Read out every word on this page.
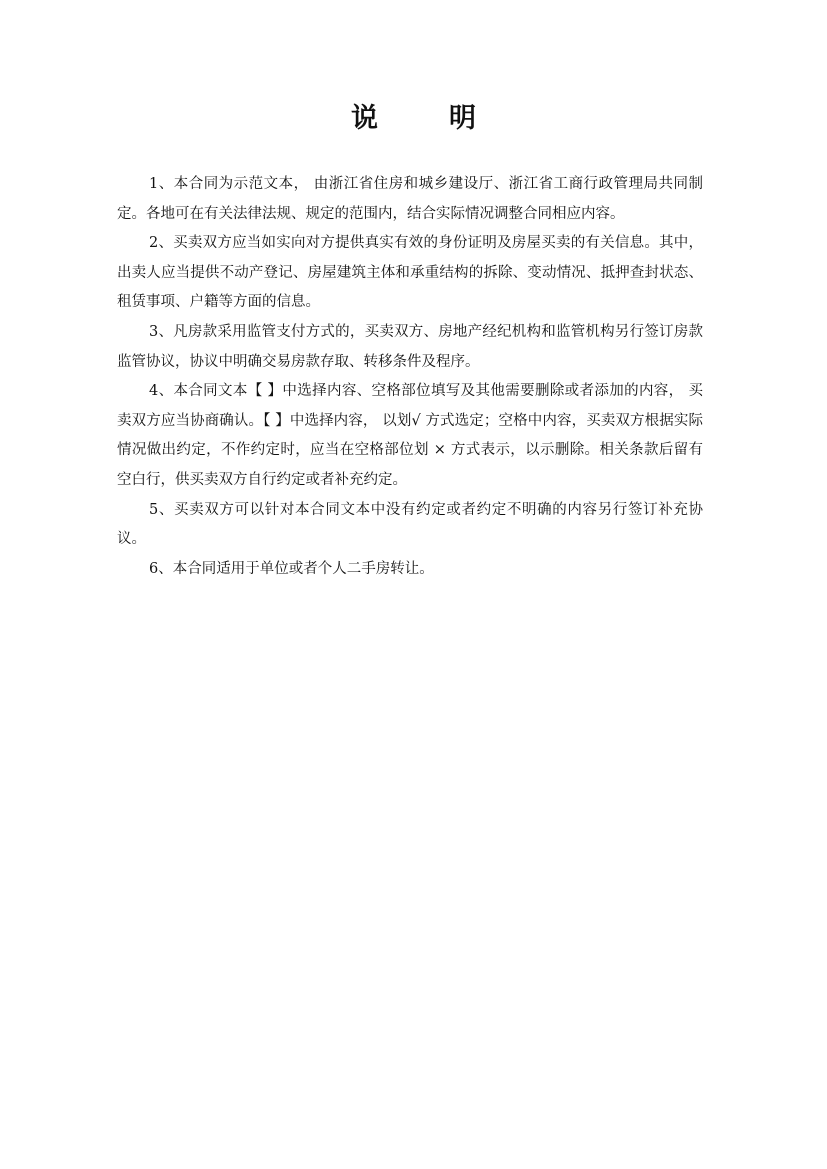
说　明

1、本合同为示范文本， 由浙江省住房和城乡建设厅、浙江省工商行政管理局共同制定。各地可在有关法律法规、规定的范围内，结合实际情况调整合同相应内容。

2、买卖双方应当如实向对方提供真实有效的身份证明及房屋买卖的有关信息。其中，出卖人应当提供不动产登记、房屋建筑主体和承重结构的拆除、变动情况、抵押查封状态、租赁事项、户籍等方面的信息。

3、凡房款采用监管支付方式的，买卖双方、房地产经纪机构和监管机构另行签订房款监管协议，协议中明确交易房款存取、转移条件及程序。

4、本合同文本【 】中选择内容、空格部位填写及其他需要删除或者添加的内容， 买卖双方应当协商确认。【 】中选择内容， 以划√ 方式选定；空格中内容，买卖双方根据实际情况做出约定，不作约定时，应当在空格部位划 × 方式表示，以示删除。相关条款后留有空白行，供买卖双方自行约定或者补充约定。

5、买卖双方可以针对本合同文本中没有约定或者约定不明确的内容另行签订补充协议。

6、本合同适用于单位或者个人二手房转让。
